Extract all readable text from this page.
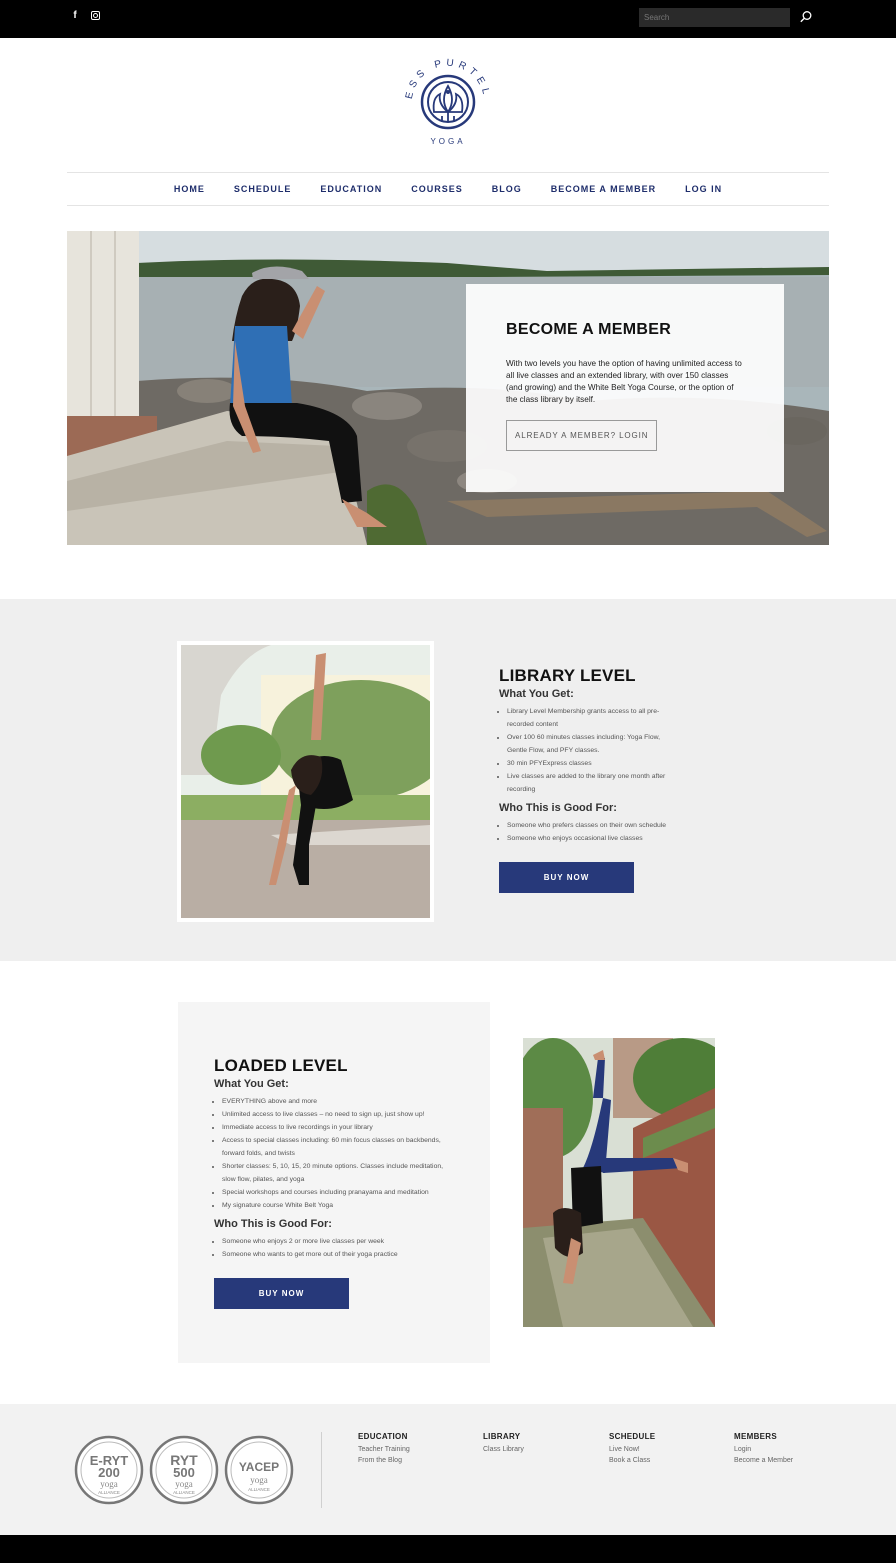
f
Search
ESS PURTEL
YOGA
HOME	SCHEDULE	EDUCATION	COURSES	BLOG	BECOME A MEMBER	LOG IN
BECOME A MEMBER

With two levels you have the option of having unlimited access to all live classes and an extended library, with over 150 classes (and growing) and the White Belt Yoga Course, or the option of the class library by itself.

ALREADY A MEMBER? LOGIN
LIBRARY LEVEL
What You Get:
• Library Level Membership grants access to all pre-recorded content
• Over 100 60 minutes classes including: Yoga Flow, Gentle Flow, and PFY classes.
• 30 min PFYExpress classes
• Live classes are added to the library one month after recording
Who This is Good For:
• Someone who prefers classes on their own schedule
• Someone who enjoys occasional live classes
BUY NOW
LOADED LEVEL
What You Get:
• EVERYTHING above and more
• Unlimited access to live classes – no need to sign up, just show up!
• Immediate access to live recordings in your library
• Access to special classes including: 60 min focus classes on backbends, forward folds, and twists
• Shorter classes: 5, 10, 15, 20 minute options. Classes include meditation, slow flow, pilates, and yoga
• Special workshops and courses including pranayama and meditation
• My signature course White Belt Yoga
Who This is Good For:
• Someone who enjoys 2 or more live classes per week
• Someone who wants to get more out of their yoga practice
BUY NOW
E-RYT
200
yoga
ALLIANCE
RYT
500
yoga
ALLIANCE
YACEP
yoga
ALLIANCE
EDUCATION
Teacher Training
From the Blog
LIBRARY
Class Library
SCHEDULE
Live Now!
Book a Class
MEMBERS
Login
Become a Member
